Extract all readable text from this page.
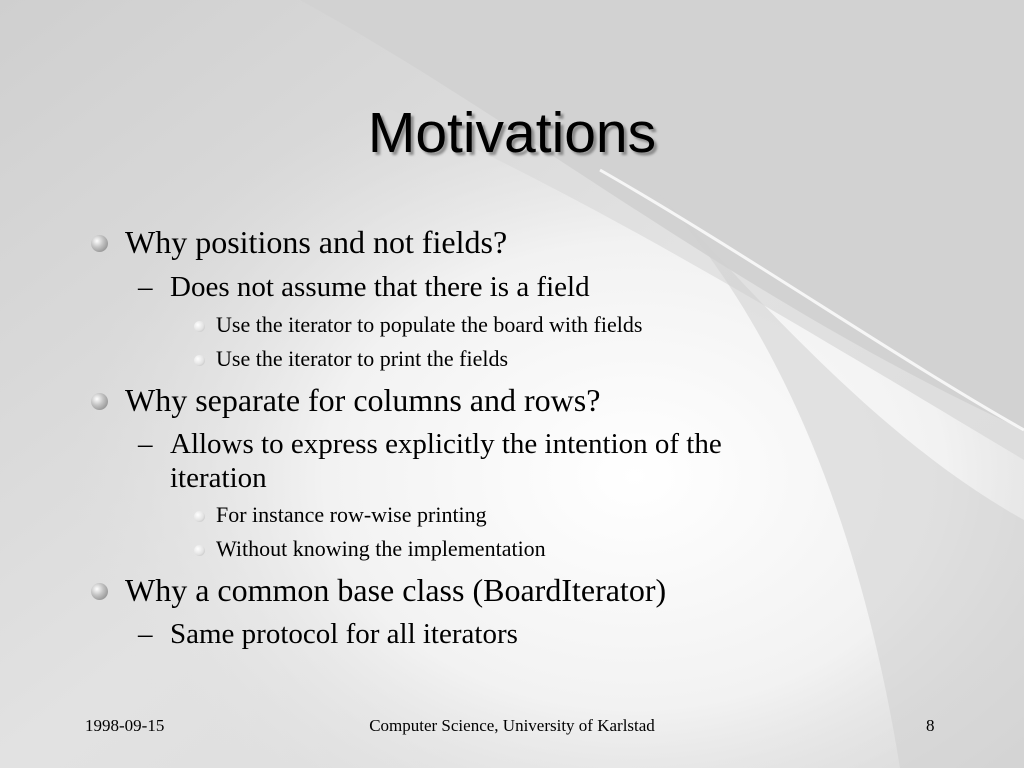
Motivations
Why positions and not fields?
– Does not assume that there is a field
Use the iterator to populate the board with fields
Use the iterator to print the fields
Why separate for columns and rows?
– Allows to express explicitly the intention of the
iteration
For instance row-wise printing
Without knowing the implementation
Why a common base class (BoardIterator)
– Same protocol for all iterators
1998-09-15	Computer Science, University of Karlstad	8
